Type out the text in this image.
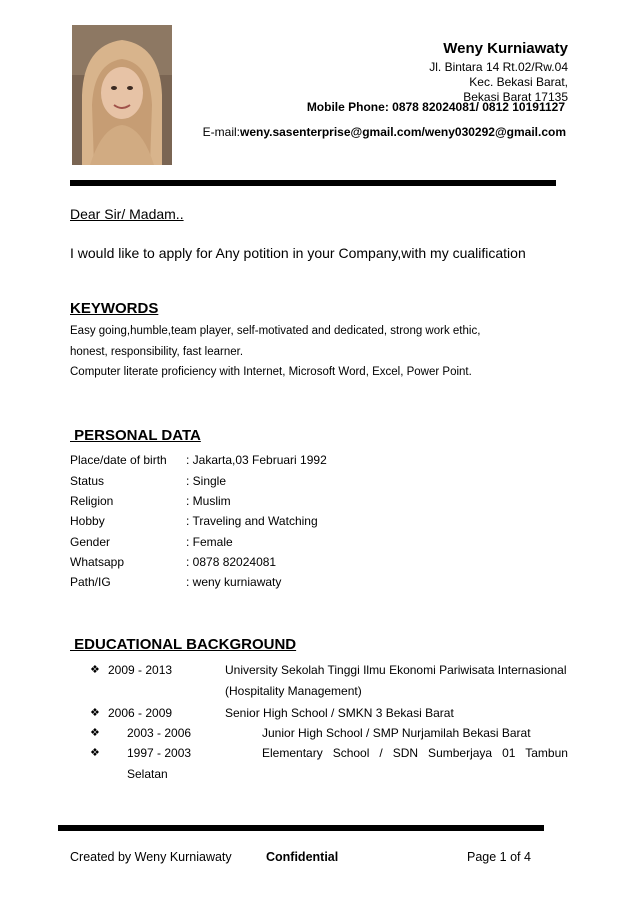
Weny Kurniawaty
Jl. Bintara 14 Rt.02/Rw.04
Kec. Bekasi Barat,
Bekasi Barat 17135
Mobile Phone: 0878 82024081/ 0812 10191127
E-mail:weny.sasenterprise@gmail.com/weny030292@gmail.com
Dear Sir/ Madam..
I would like to apply for Any potition in your Company,with my cualification
KEYWORDS
Easy going,humble,team player, self-motivated and dedicated, strong work ethic,
honest, responsibility, fast learner.
Computer literate proficiency with Internet, Microsoft Word, Excel, Power Point.
PERSONAL DATA
Place/date of birth : Jakarta,03 Februari 1992
Status	: Single
Religion	: Muslim
Hobby	: Traveling and Watching
Gender	: Female
Whatsapp	: 0878 82024081
Path/IG	: weny kurniawaty
EDUCATIONAL BACKGROUND
❖ 2009 - 2013	University Sekolah Tinggi Ilmu Ekonomi Pariwisata Internasional
(Hospitality Management)
❖ 2006 - 2009	Senior High School / SMKN 3 Bekasi Barat
❖ 2003 - 2006	Junior High School / SMP Nurjamilah Bekasi Barat
❖ 1997 - 2003	Elementary   School   /   SDN   Sumberjaya   01   Tambun
Selatan
Created by Weny Kurniawaty	Confidential	Page 1 of 4
